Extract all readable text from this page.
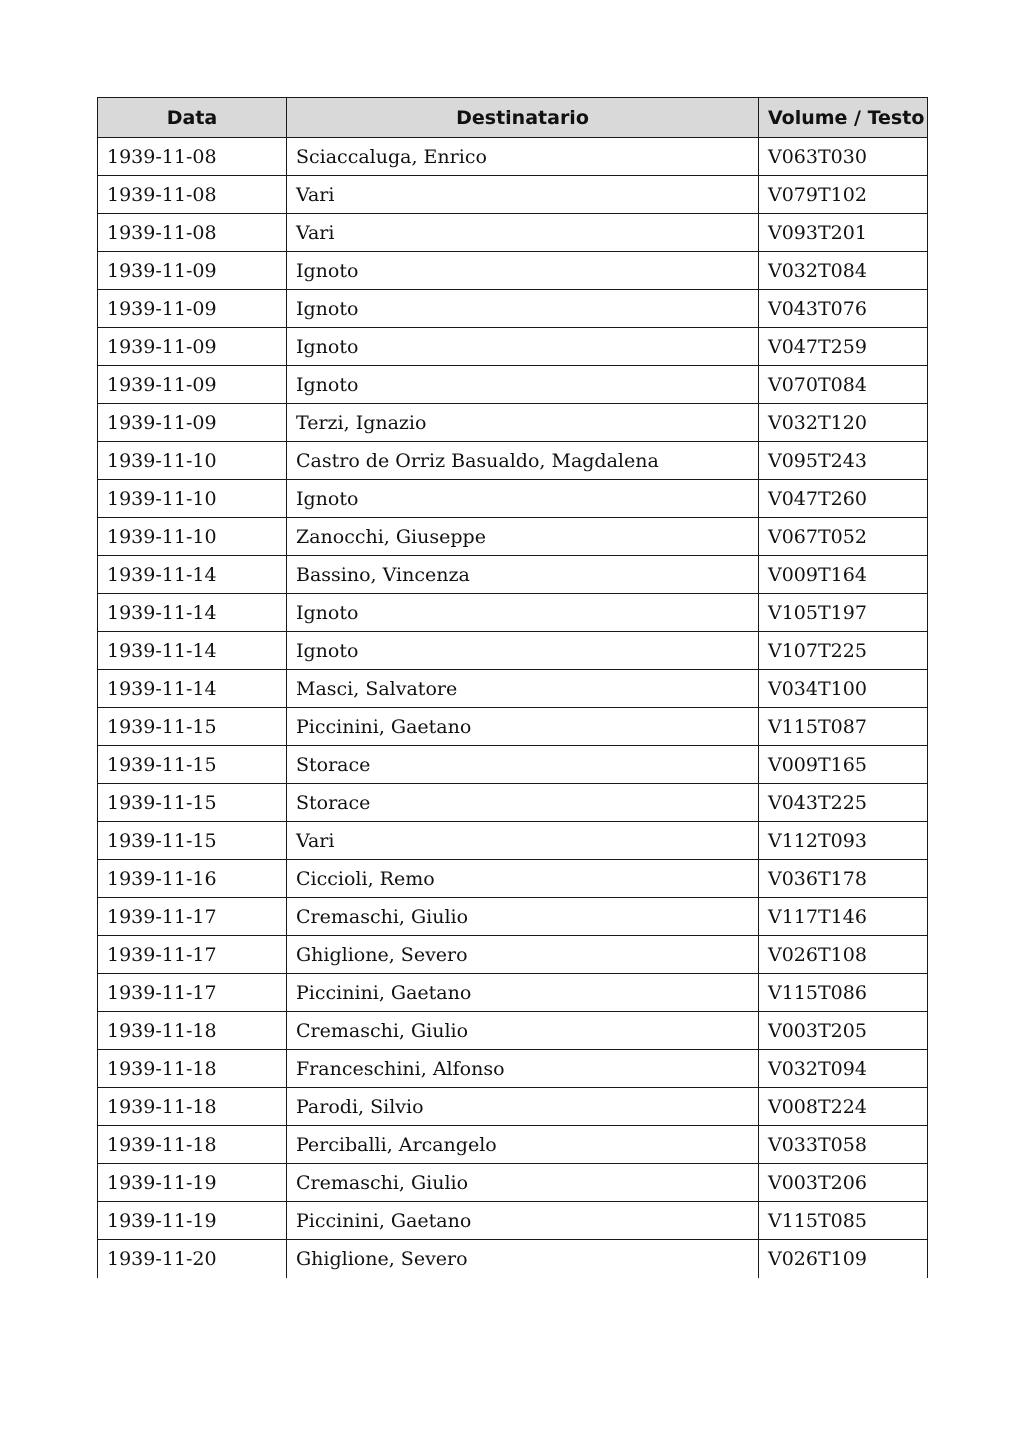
Data	Destinatario	Volume / Testo
1939-11-08	Sciaccaluga, Enrico	V063T030
1939-11-08	Vari	V079T102
1939-11-08	Vari	V093T201
1939-11-09	Ignoto	V032T084
1939-11-09	Ignoto	V043T076
1939-11-09	Ignoto	V047T259
1939-11-09	Ignoto	V070T084
1939-11-09	Terzi, Ignazio	V032T120
1939-11-10	Castro de Orriz Basualdo, Magdalena	V095T243
1939-11-10	Ignoto	V047T260
1939-11-10	Zanocchi, Giuseppe	V067T052
1939-11-14	Bassino, Vincenza	V009T164
1939-11-14	Ignoto	V105T197
1939-11-14	Ignoto	V107T225
1939-11-14	Masci, Salvatore	V034T100
1939-11-15	Piccinini, Gaetano	V115T087
1939-11-15	Storace	V009T165
1939-11-15	Storace	V043T225
1939-11-15	Vari	V112T093
1939-11-16	Ciccioli, Remo	V036T178
1939-11-17	Cremaschi, Giulio	V117T146
1939-11-17	Ghiglione, Severo	V026T108
1939-11-17	Piccinini, Gaetano	V115T086
1939-11-18	Cremaschi, Giulio	V003T205
1939-11-18	Franceschini, Alfonso	V032T094
1939-11-18	Parodi, Silvio	V008T224
1939-11-18	Perciballi, Arcangelo	V033T058
1939-11-19	Cremaschi, Giulio	V003T206
1939-11-19	Piccinini, Gaetano	V115T085
1939-11-20	Ghiglione, Severo	V026T109
